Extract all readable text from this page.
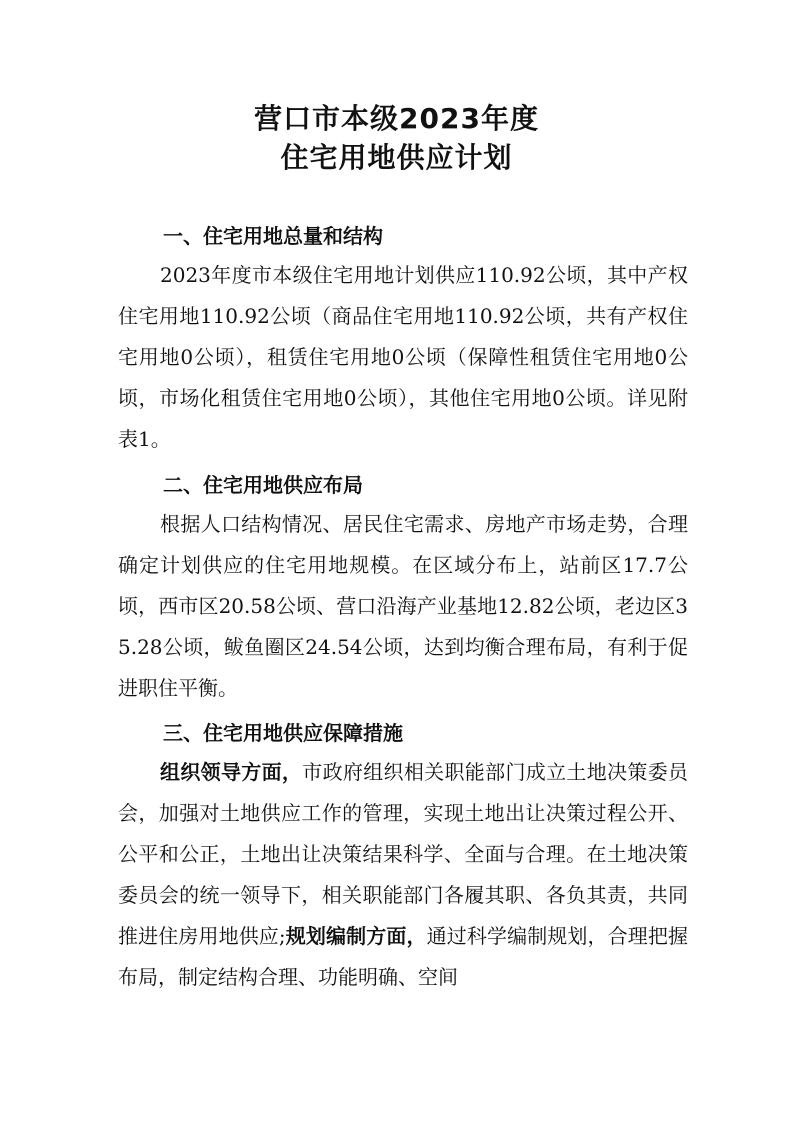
营口市本级2023年度
住宅用地供应计划
一、住宅用地总量和结构
2023年度市本级住宅用地计划供应110.92公顷，其中产权住宅用地110.92公顷（商品住宅用地110.92公顷，共有产权住宅用地0公顷），租赁住宅用地0公顷（保障性租赁住宅用地0公顷，市场化租赁住宅用地0公顷），其他住宅用地0公顷。详见附表1。
二、住宅用地供应布局
根据人口结构情况、居民住宅需求、房地产市场走势，合理确定计划供应的住宅用地规模。在区域分布上，站前区17.7公顷，西市区20.58公顷、营口沿海产业基地12.82公顷，老边区35.28公顷，鲅鱼圈区24.54公顷，达到均衡合理布局，有利于促进职住平衡。
三、住宅用地供应保障措施
组织领导方面，市政府组织相关职能部门成立土地决策委员会，加强对土地供应工作的管理，实现土地出让决策过程公开、公平和公正，土地出让决策结果科学、全面与合理。在土地决策委员会的统一领导下，相关职能部门各履其职、各负其责，共同推进住房用地供应;规划编制方面，通过科学编制规划，合理把握布局，制定结构合理、功能明确、空间
